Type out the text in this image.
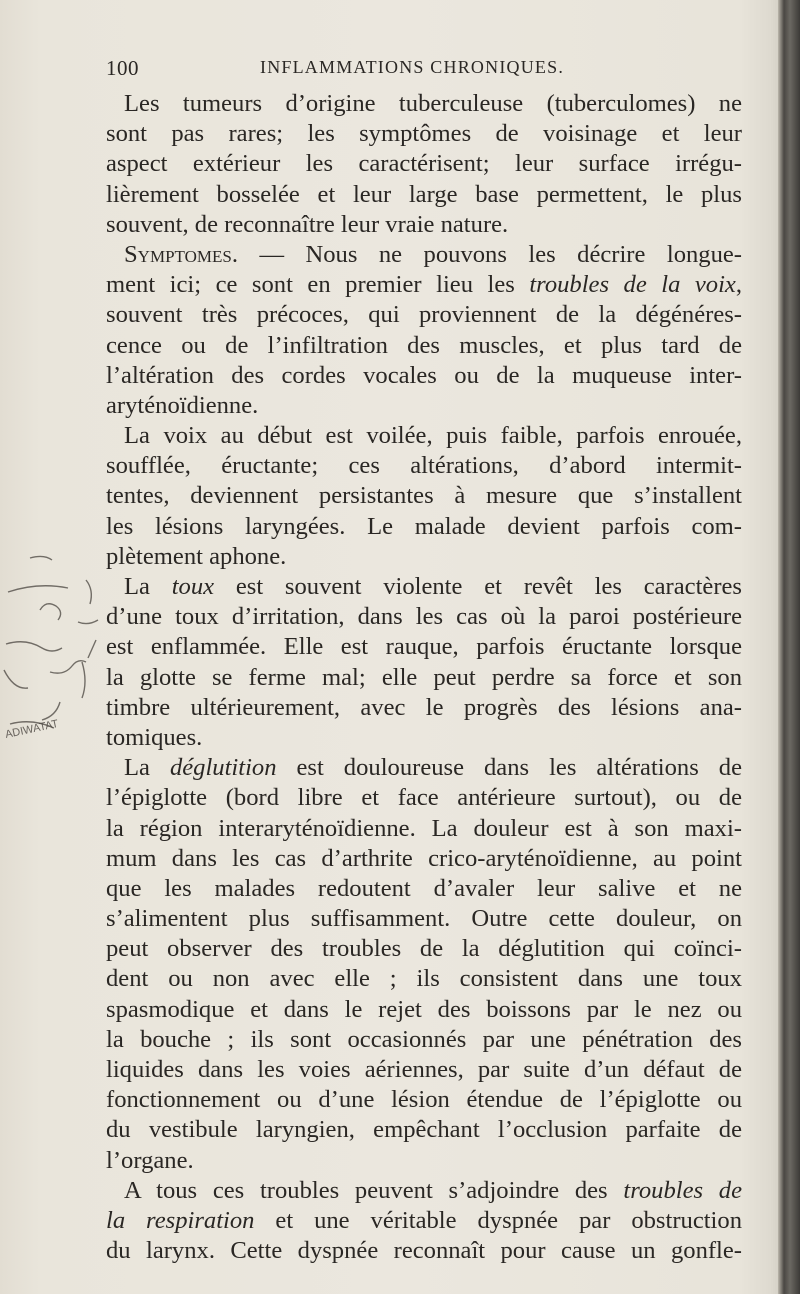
100	INFLAMMATIONS CHRONIQUES.
ADIWATAT
Les tumeurs d’origine tuberculeuse (tuberculomes) ne
sont pas rares; les symptômes de voisinage et leur
aspect extérieur les caractérisent; leur surface irrégu-
lièrement bosselée et leur large base permettent, le plus
souvent, de reconnaître leur vraie nature.
Symptomes. — Nous ne pouvons les décrire longue-
ment ici; ce sont en premier lieu les troubles de la voix,
souvent très précoces, qui proviennent de la dégénéres-
cence ou de l’infiltration des muscles, et plus tard de
l’altération des cordes vocales ou de la muqueuse inter-
aryténoïdienne.
La voix au début est voilée, puis faible, parfois enrouée,
soufflée, éructante; ces altérations, d’abord intermit-
tentes, deviennent persistantes à mesure que s’installent
les lésions laryngées. Le malade devient parfois com-
plètement aphone.
La toux est souvent violente et revêt les caractères
d’une toux d’irritation, dans les cas où la paroi postérieure
est enflammée. Elle est rauque, parfois éructante lorsque
la glotte se ferme mal; elle peut perdre sa force et son
timbre ultérieurement, avec le progrès des lésions ana-
tomiques.
La déglutition est douloureuse dans les altérations de
l’épiglotte (bord libre et face antérieure surtout), ou de
la région interaryténoïdienne. La douleur est à son maxi-
mum dans les cas d’arthrite crico-aryténoïdienne, au point
que les malades redoutent d’avaler leur salive et ne
s’alimentent plus suffisamment. Outre cette douleur, on
peut observer des troubles de la déglutition qui coïnci-
dent ou non avec elle ; ils consistent dans une toux
spasmodique et dans le rejet des boissons par le nez ou
la bouche ; ils sont occasionnés par une pénétration des
liquides dans les voies aériennes, par suite d’un défaut de
fonctionnement ou d’une lésion étendue de l’épiglotte ou
du vestibule laryngien, empêchant l’occlusion parfaite de
l’organe.
A tous ces troubles peuvent s’adjoindre des troubles de
la respiration et une véritable dyspnée par obstruction
du larynx. Cette dyspnée reconnaît pour cause un gonfle-
